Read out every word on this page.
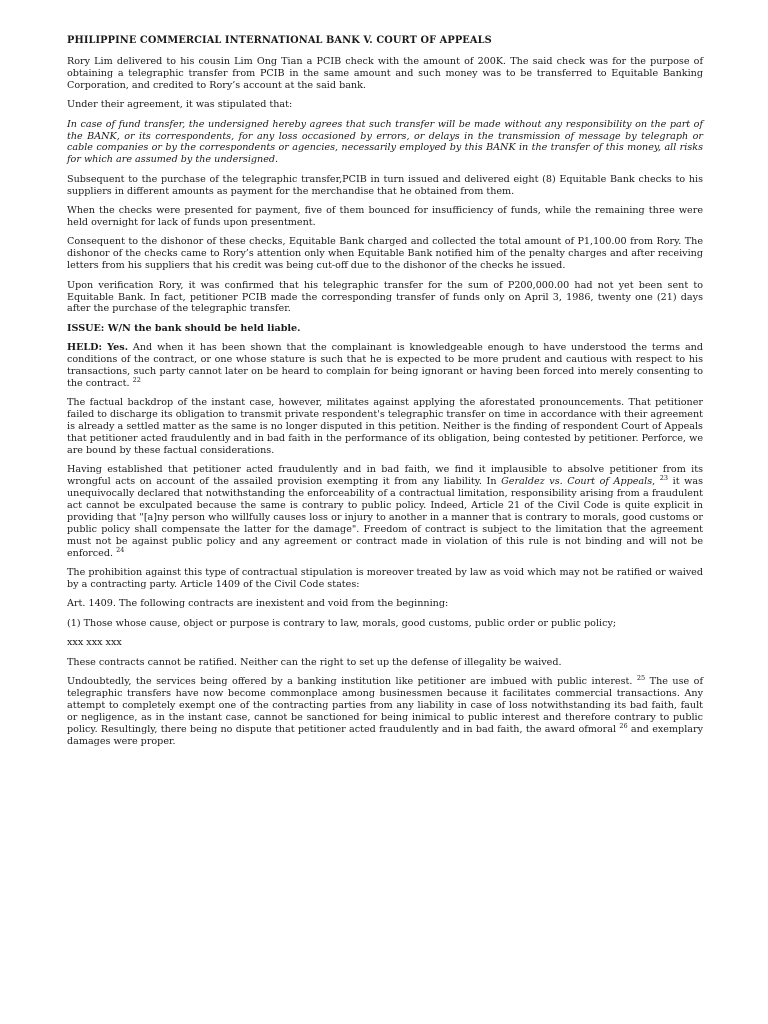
PHILIPPINE COMMERCIAL INTERNATIONAL BANK V. COURT OF APPEALS

Rory Lim delivered to his cousin Lim Ong Tian a PCIB check with the amount of 200K. The said check was for the purpose of obtaining a telegraphic transfer from PCIB in the same amount and such money was to be transferred to Equitable Banking Corporation, and credited to Rory’s account at the said bank.

Under their agreement, it was stipulated that:

In case of fund transfer, the undersigned hereby agrees that such transfer will be made without any responsibility on the part of the BANK, or its correspondents, for any loss occasioned by errors, or delays in the transmission of message by telegraph or cable companies or by the correspondents or agencies, necessarily employed by this BANK in the transfer of this money, all risks for which are assumed by the undersigned.

Subsequent to the purchase of the telegraphic transfer,PCIB in turn issued and delivered eight (8) Equitable Bank checks to his suppliers in different amounts as payment for the merchandise that he obtained from them.

When the checks were presented for payment, five of them bounced for insufficiency of funds, while the remaining three were held overnight for lack of funds upon presentment.

Consequent to the dishonor of these checks, Equitable Bank charged and collected the total amount of P1,100.00 from Rory. The dishonor of the checks came to Rory’s attention only when Equitable Bank notified him of the penalty charges and after receiving letters from his suppliers that his credit was being cut-off due to the dishonor of the checks he issued.

Upon verification Rory, it was confirmed that his telegraphic transfer for the sum of P200,000.00 had not yet been sent to Equitable Bank. In fact, petitioner PCIB made the corresponding transfer of funds only on April 3, 1986, twenty one (21) days after the purchase of the telegraphic transfer.

ISSUE: W/N the bank should be held liable.

HELD: Yes. And when it has been shown that the complainant is knowledgeable enough to have understood the terms and conditions of the contract, or one whose stature is such that he is expected to be more prudent and cautious with respect to his transactions, such party cannot later on be heard to complain for being ignorant or having been forced into merely consenting to the contract. $^{22}$

The factual backdrop of the instant case, however, militates against applying the aforestated pronouncements. That petitioner failed to discharge its obligation to transmit private respondent's telegraphic transfer on time in accordance with their agreement is already a settled matter as the same is no longer disputed in this petition. Neither is the finding of respondent Court of Appeals that petitioner acted fraudulently and in bad faith in the performance of its obligation, being contested by petitioner. Perforce, we are bound by these factual considerations.

Having established that petitioner acted fraudulently and in bad faith, we find it implausible to absolve petitioner from its wrongful acts on account of the assailed provision exempting it from any liability. In Geraldez vs. Court of Appeals, $^{23}$ it was unequivocally declared that notwithstanding the enforceability of a contractual limitation, responsibility arising from a fraudulent act cannot be exculpated because the same is contrary to public policy. Indeed, Article 21 of the Civil Code is quite explicit in providing that "[a]ny person who willfully causes loss or injury to another in a manner that is contrary to morals, good customs or public policy shall compensate the latter for the damage". Freedom of contract is subject to the limitation that the agreement must not be against public policy and any agreement or contract made in violation of this rule is not binding and will not be enforced. $^{24}$

The prohibition against this type of contractual stipulation is moreover treated by law as void which may not be ratified or waived by a contracting party. Article 1409 of the Civil Code states:

Art. 1409. The following contracts are inexistent and void from the beginning:

(1) Those whose cause, object or purpose is contrary to law, morals, good customs, public order or public policy;

xxx xxx xxx

These contracts cannot be ratified. Neither can the right to set up the defense of illegality be waived.

Undoubtedly, the services being offered by a banking institution like petitioner are imbued with public interest. $^{25}$ The use of telegraphic transfers have now become commonplace among businessmen because it facilitates commercial transactions. Any attempt to completely exempt one of the contracting parties from any liability in case of loss notwithstanding its bad faith, fault or negligence, as in the instant case, cannot be sanctioned for being inimical to public interest and therefore contrary to public policy. Resultingly, there being no dispute that petitioner acted fraudulently and in bad faith, the award ofmoral $^{26}$ and exemplary damages were proper.
